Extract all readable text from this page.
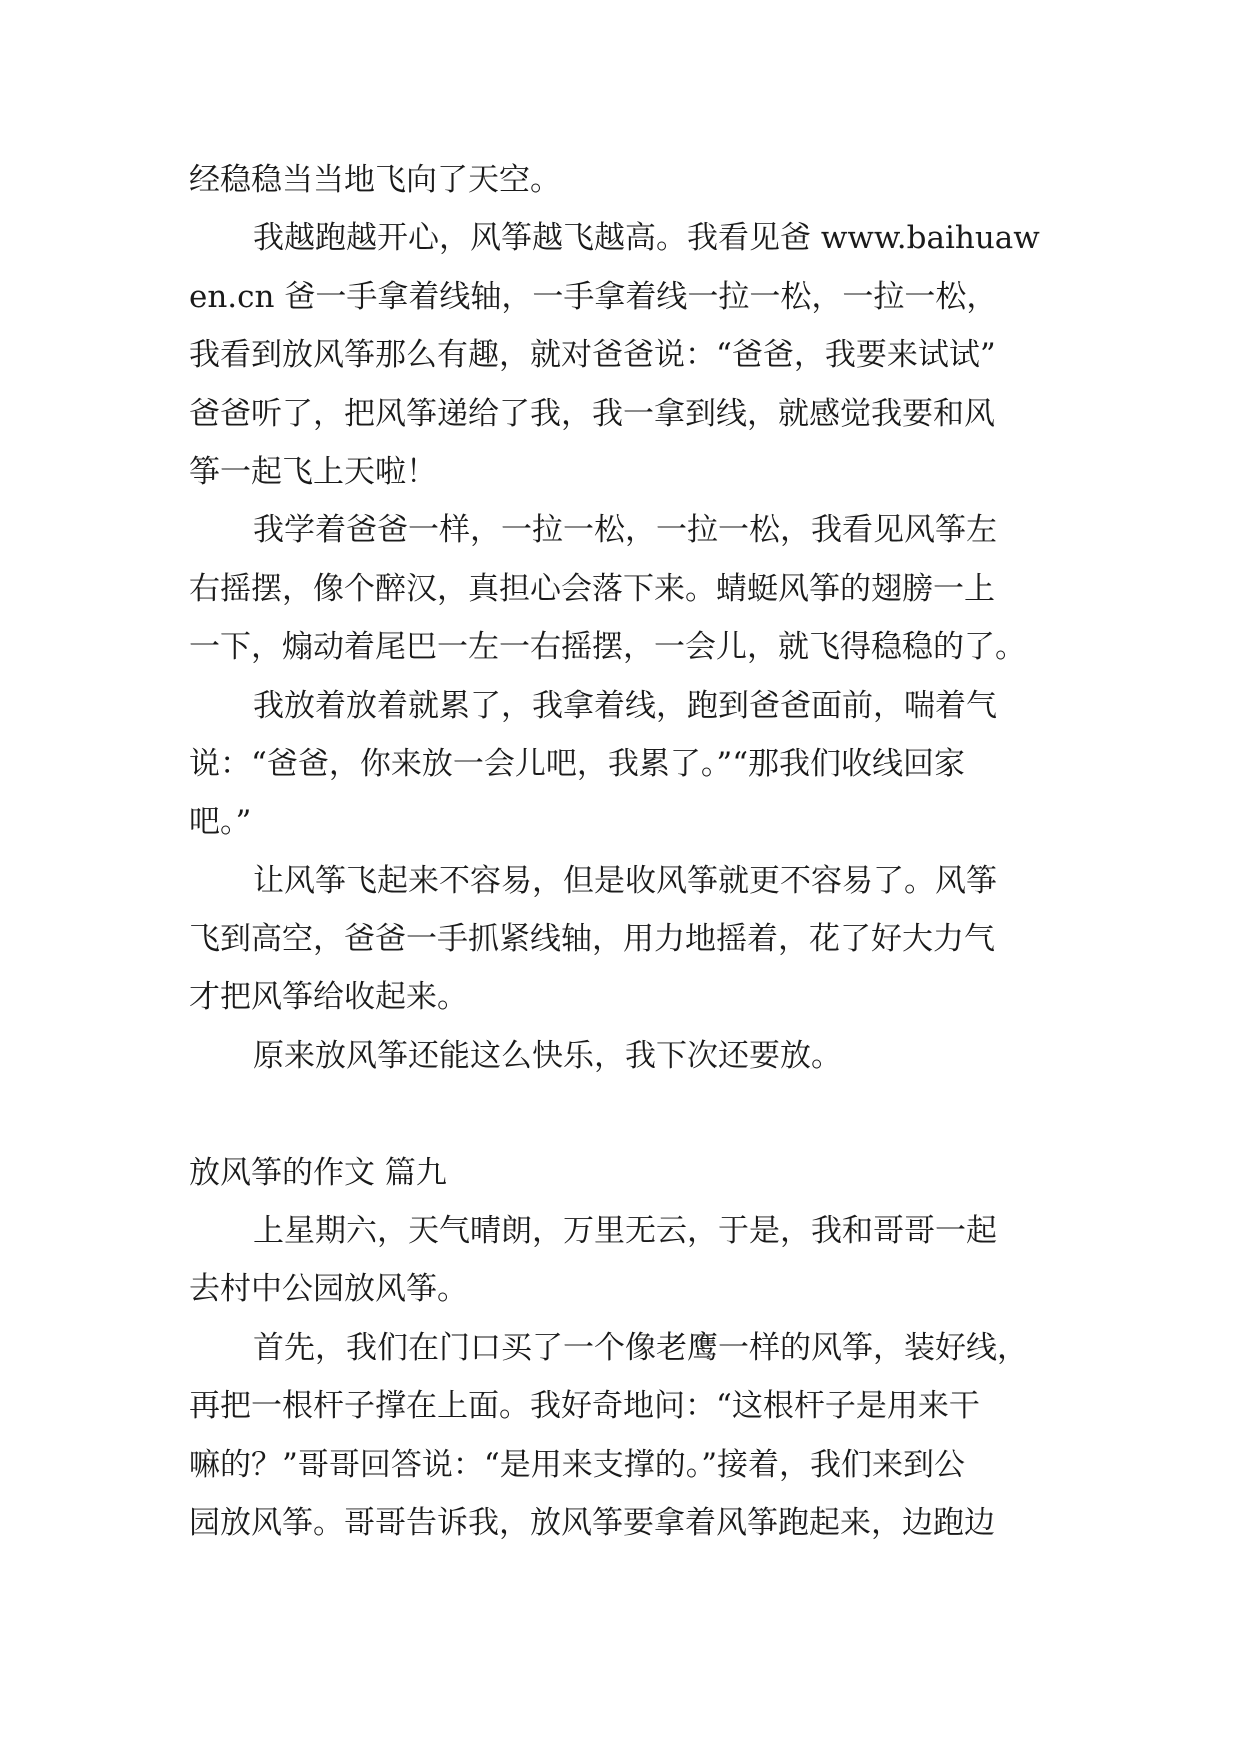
经稳稳当当地飞向了天空。
我越跑越开心，风筝越飞越高。我看见爸 www.baihuaw
en.cn 爸一手拿着线轴，一手拿着线一拉一松，一拉一松，
我看到放风筝那么有趣，就对爸爸说：“爸爸，我要来试试”
爸爸听了，把风筝递给了我，我一拿到线，就感觉我要和风
筝一起飞上天啦！
我学着爸爸一样，一拉一松，一拉一松，我看见风筝左
右摇摆，像个醉汉，真担心会落下来。蜻蜓风筝的翅膀一上
一下，煽动着尾巴一左一右摇摆，一会儿，就飞得稳稳的了。
我放着放着就累了，我拿着线，跑到爸爸面前，喘着气
说：“爸爸，你来放一会儿吧，我累了。”“那我们收线回家
吧。”
让风筝飞起来不容易，但是收风筝就更不容易了。风筝
飞到高空，爸爸一手抓紧线轴，用力地摇着，花了好大力气
才把风筝给收起来。
原来放风筝还能这么快乐，我下次还要放。
放风筝的作文 篇九
上星期六，天气晴朗，万里无云，于是，我和哥哥一起
去村中公园放风筝。
首先，我们在门口买了一个像老鹰一样的风筝，装好线，
再把一根杆子撑在上面。我好奇地问：“这根杆子是用来干
嘛的？”哥哥回答说：“是用来支撑的。”接着，我们来到公
园放风筝。哥哥告诉我，放风筝要拿着风筝跑起来，边跑边
